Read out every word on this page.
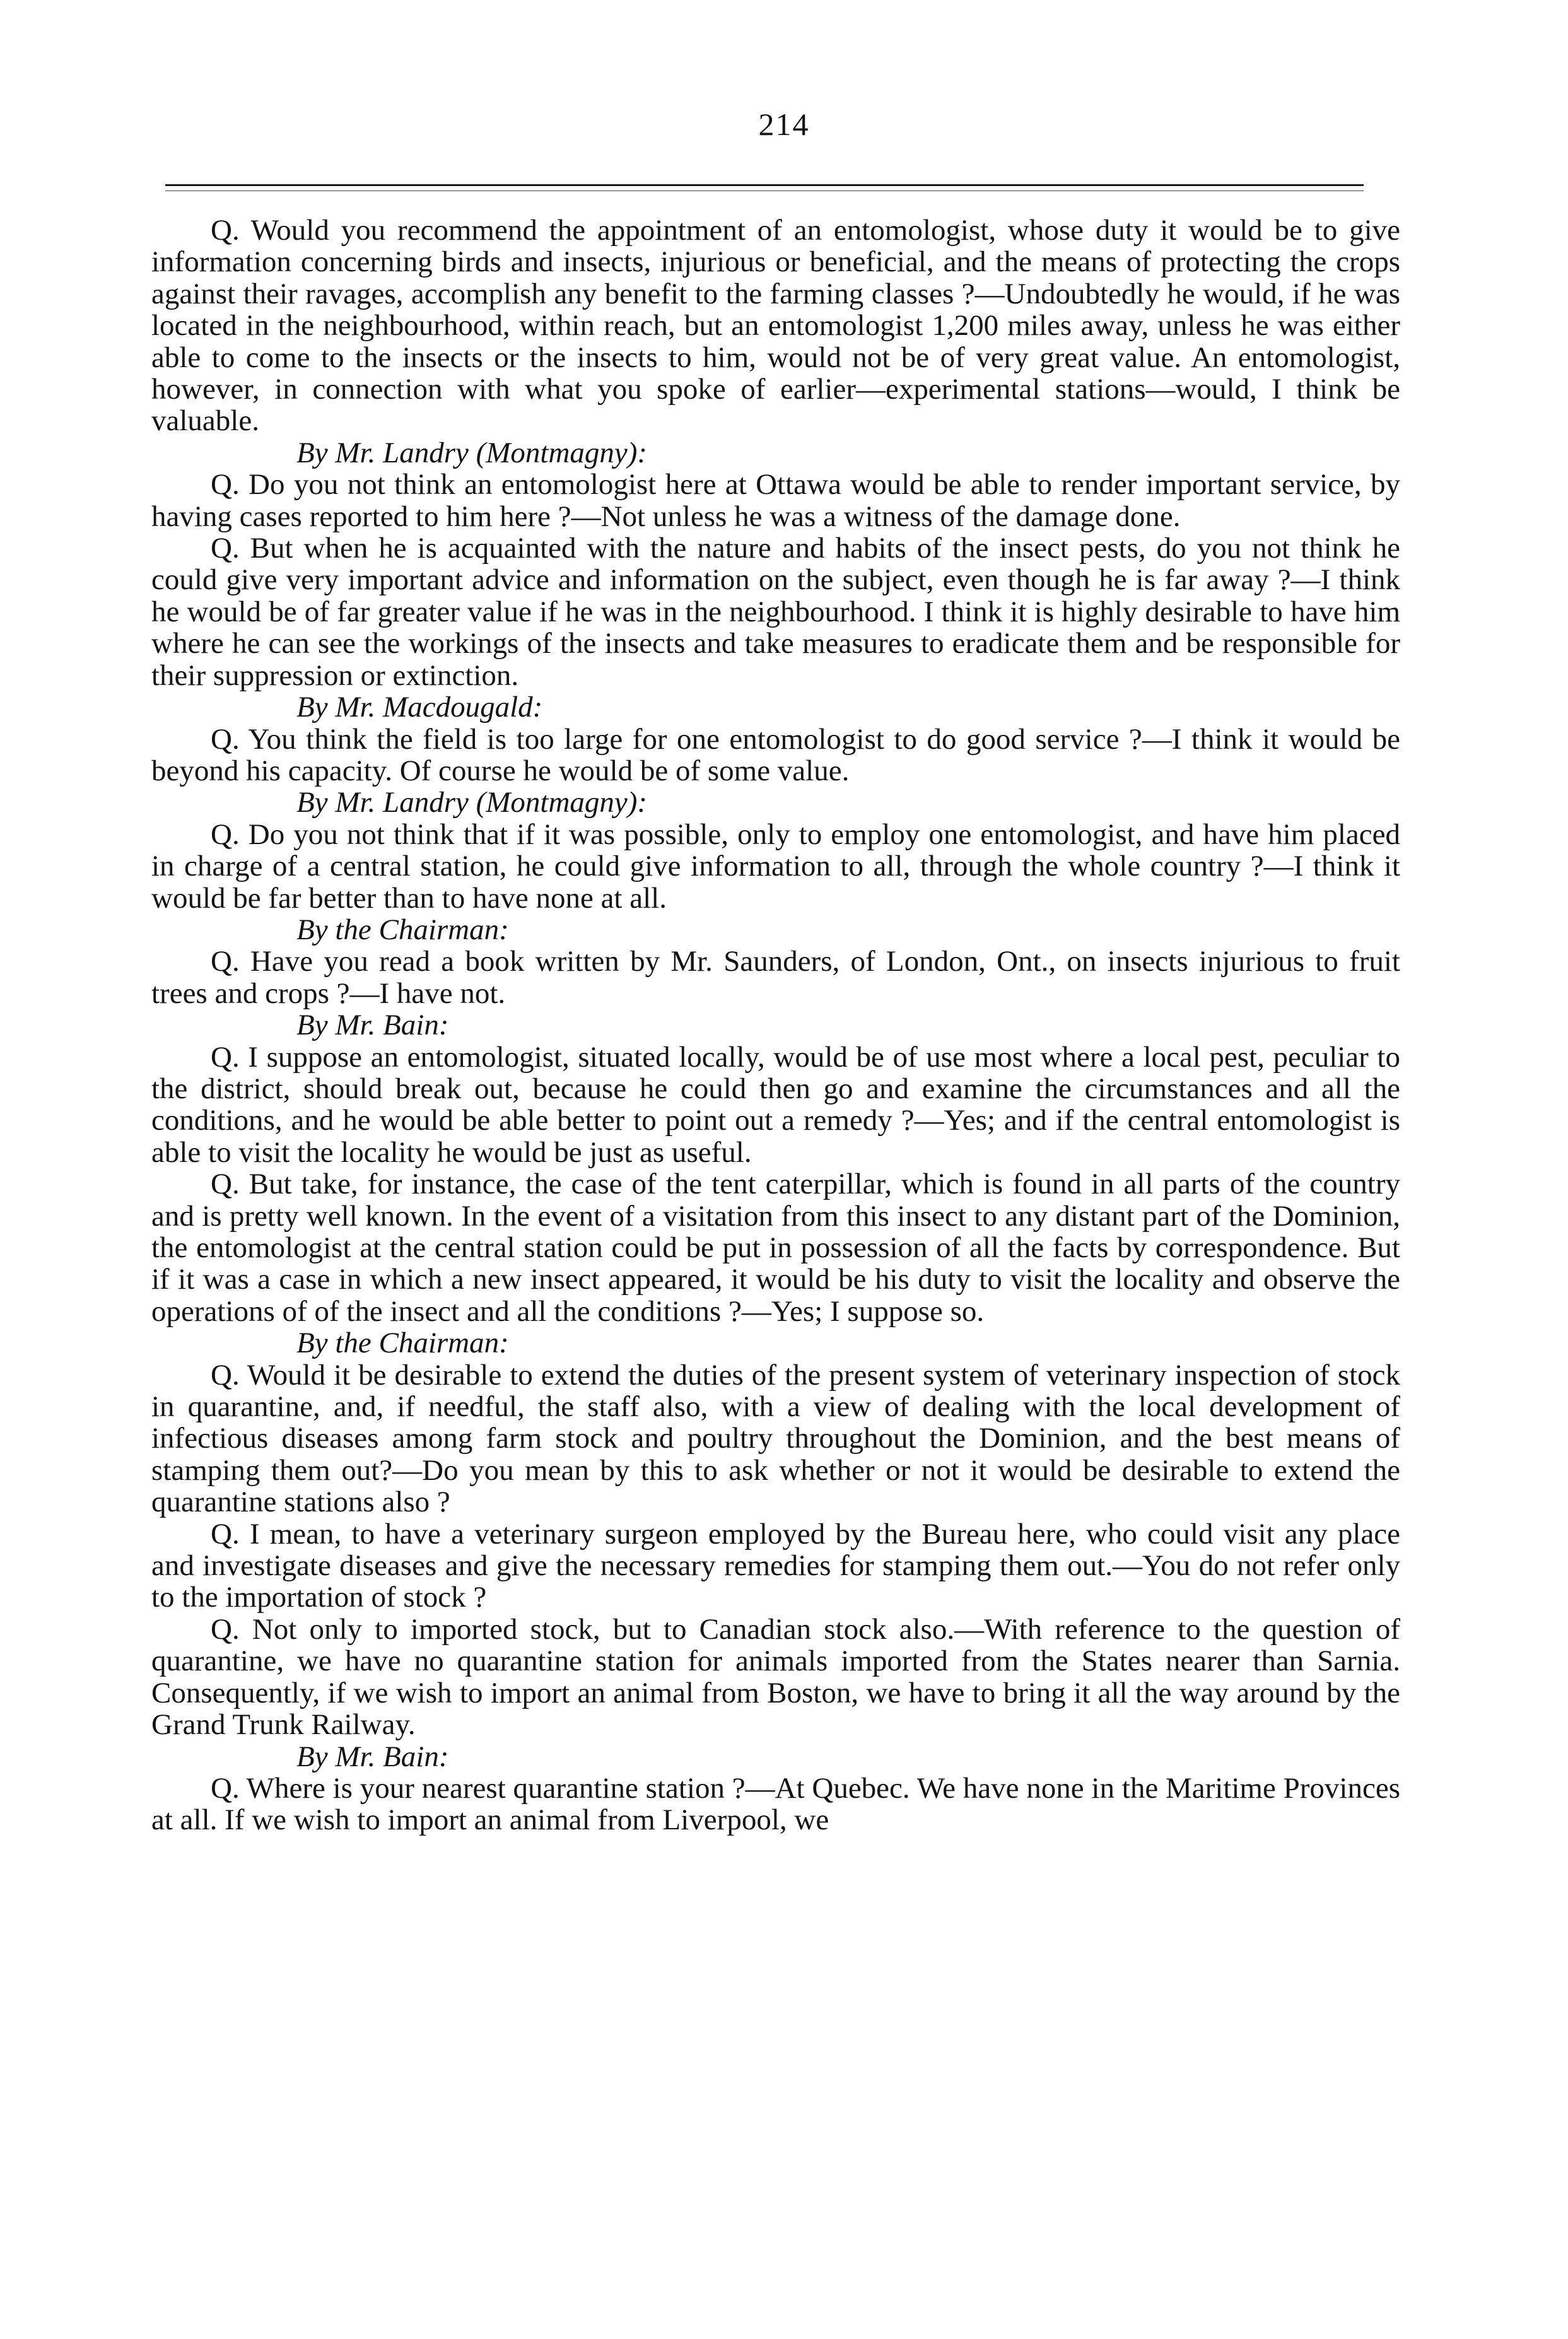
214

Q. Would you recommend the appointment of an entomologist, whose duty it would be to give information concerning birds and insects, injurious or beneficial, and the means of protecting the crops against their ravages, accomplish any benefit to the farming classes ?—Undoubtedly he would, if he was located in the neighbourhood, within reach, but an entomologist 1,200 miles away, unless he was either able to come to the insects or the insects to him, would not be of very great value. An entomologist, however, in connection with what you spoke of earlier—experimental stations—would, I think be valuable.

By Mr. Landry (Montmagny):

Q. Do you not think an entomologist here at Ottawa would be able to render important service, by having cases reported to him here ?—Not unless he was a witness of the damage done.

Q. But when he is acquainted with the nature and habits of the insect pests, do you not think he could give very important advice and information on the subject, even though he is far away ?—I think he would be of far greater value if he was in the neighbourhood. I think it is highly desirable to have him where he can see the workings of the insects and take measures to eradicate them and be responsible for their suppression or extinction.

By Mr. Macdougald:

Q. You think the field is too large for one entomologist to do good service ?—I think it would be beyond his capacity. Of course he would be of some value.

By Mr. Landry (Montmagny):

Q. Do you not think that if it was possible, only to employ one entomologist, and have him placed in charge of a central station, he could give information to all, through the whole country ?—I think it would be far better than to have none at all.

By the Chairman:

Q. Have you read a book written by Mr. Saunders, of London, Ont., on insects injurious to fruit trees and crops ?—I have not.

By Mr. Bain:

Q. I suppose an entomologist, situated locally, would be of use most where a local pest, peculiar to the district, should break out, because he could then go and examine the circumstances and all the conditions, and he would be able better to point out a remedy ?—Yes; and if the central entomologist is able to visit the locality he would be just as useful.

Q. But take, for instance, the case of the tent caterpillar, which is found in all parts of the country and is pretty well known. In the event of a visitation from this insect to any distant part of the Dominion, the entomologist at the central station could be put in possession of all the facts by correspondence. But if it was a case in which a new insect appeared, it would be his duty to visit the locality and observe the operations of of the insect and all the conditions ?—Yes; I suppose so.

By the Chairman:

Q. Would it be desirable to extend the duties of the present system of veterinary inspection of stock in quarantine, and, if needful, the staff also, with a view of dealing with the local development of infectious diseases among farm stock and poultry throughout the Dominion, and the best means of stamping them out?—Do you mean by this to ask whether or not it would be desirable to extend the quarantine stations also ?

Q. I mean, to have a veterinary surgeon employed by the Bureau here, who could visit any place and investigate diseases and give the necessary remedies for stamping them out.—You do not refer only to the importation of stock ?

Q. Not only to imported stock, but to Canadian stock also.—With reference to the question of quarantine, we have no quarantine station for animals imported from the States nearer than Sarnia. Consequently, if we wish to import an animal from Boston, we have to bring it all the way around by the Grand Trunk Railway.

By Mr. Bain:

Q. Where is your nearest quarantine station ?—At Quebec. We have none in the Maritime Provinces at all. If we wish to import an animal from Liverpool, we
